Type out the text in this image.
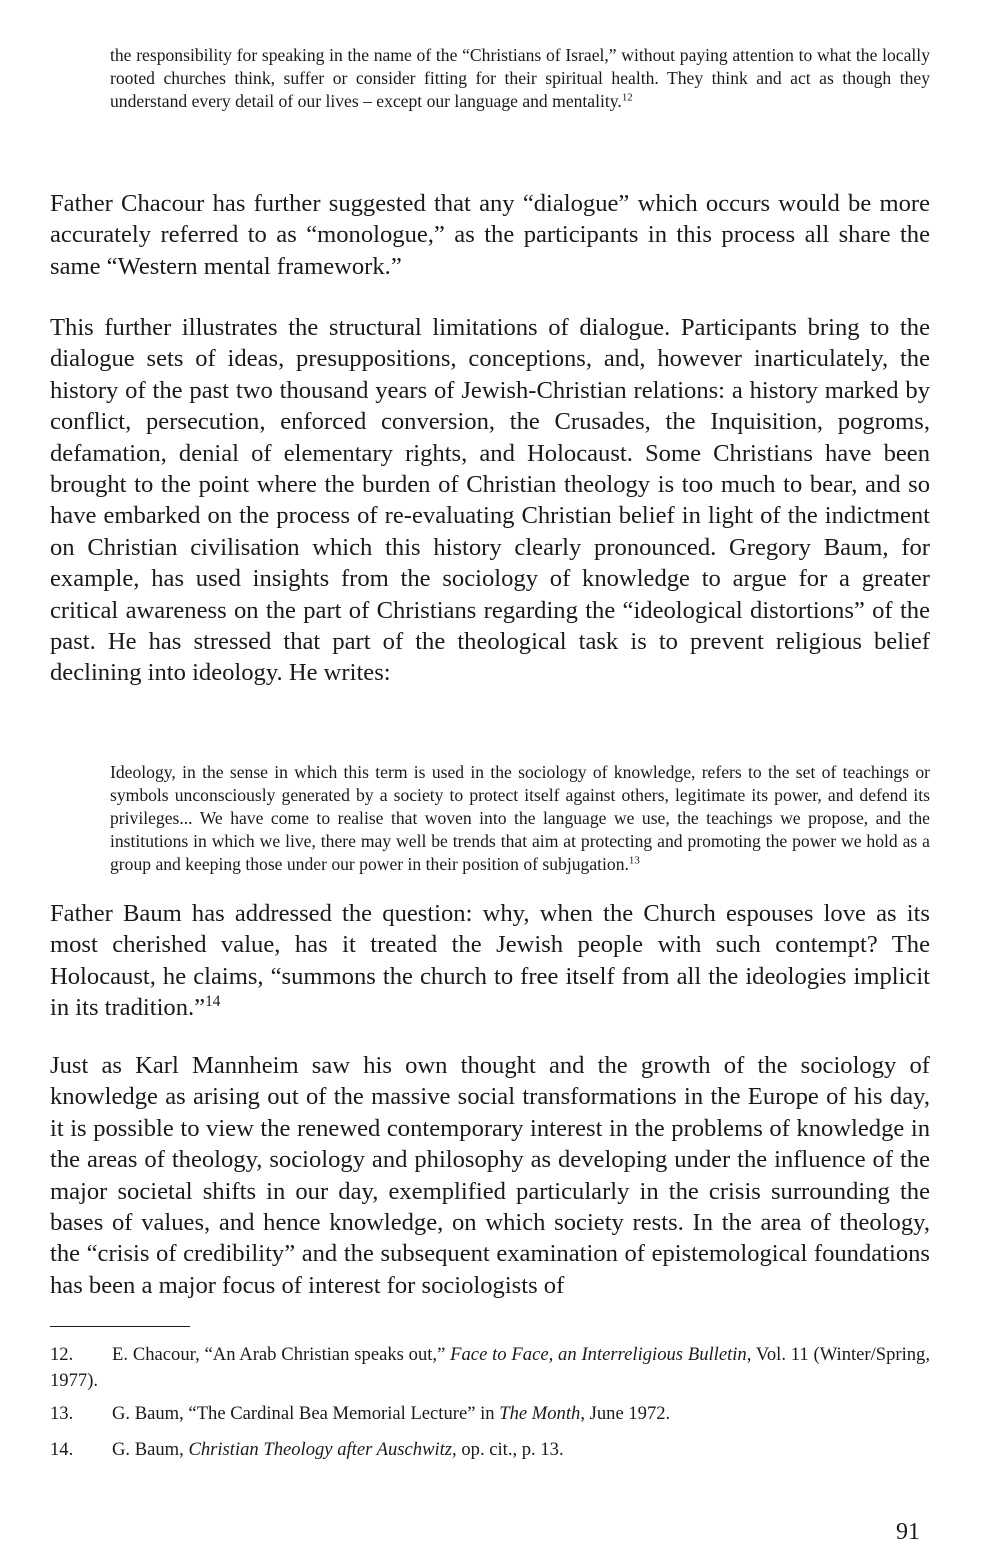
the responsibility for speaking in the name of the “Christians of Israel,” without paying attention to what the locally rooted churches think, suffer or consider fitting for their spiritual health. They think and act as though they understand every detail of our lives – except our language and mentality.$^{12}$

Father Chacour has further suggested that any “dialogue” which occurs would be more accurately referred to as “monologue,” as the participants in this process all share the same “Western mental framework.”

This further illustrates the structural limitations of dialogue. Participants bring to the dialogue sets of ideas, presuppositions, conceptions, and, however inarticulately, the history of the past two thousand years of Jewish-Christian relations: a history marked by conflict, persecution, enforced conversion, the Crusades, the Inquisition, pogroms, defamation, denial of elementary rights, and Holocaust. Some Christians have been brought to the point where the burden of Christian theology is too much to bear, and so have embarked on the process of re-evaluating Christian belief in light of the indictment on Christian civilisation which this history clearly pronounced. Gregory Baum, for example, has used insights from the sociology of knowledge to argue for a greater critical awareness on the part of Christians regarding the “ideological distortions” of the past. He has stressed that part of the theological task is to prevent religious belief declining into ideology. He writes:

Ideology, in the sense in which this term is used in the sociology of knowledge, refers to the set of teachings or symbols unconsciously generated by a society to protect itself against others, legitimate its power, and defend its privileges... We have come to realise that woven into the language we use, the teachings we propose, and the institutions in which we live, there may well be trends that aim at protecting and promoting the power we hold as a group and keeping those under our power in their position of subjugation.$^{13}$

Father Baum has addressed the question: why, when the Church espouses love as its most cherished value, has it treated the Jewish people with such contempt? The Holocaust, he claims, “summons the church to free itself from all the ideologies implicit in its tradition.”$^{14}$

Just as Karl Mannheim saw his own thought and the growth of the sociology of knowledge as arising out of the massive social transformations in the Europe of his day, it is possible to view the renewed contemporary interest in the problems of knowledge in the areas of theology, sociology and philosophy as developing under the influence of the major societal shifts in our day, exemplified particularly in the crisis surrounding the bases of values, and hence knowledge, on which society rests. In the area of theology, the “crisis of credibility” and the subsequent examination of epistemological foundations has been a major focus of interest for sociologists of

12. E. Chacour, “An Arab Christian speaks out,” Face to Face, an Interreligious Bulletin, Vol. 11 (Winter/Spring, 1977).

13. G. Baum, “The Cardinal Bea Memorial Lecture” in The Month, June 1972.

14. G. Baum, Christian Theology after Auschwitz, op. cit., p. 13.

91
